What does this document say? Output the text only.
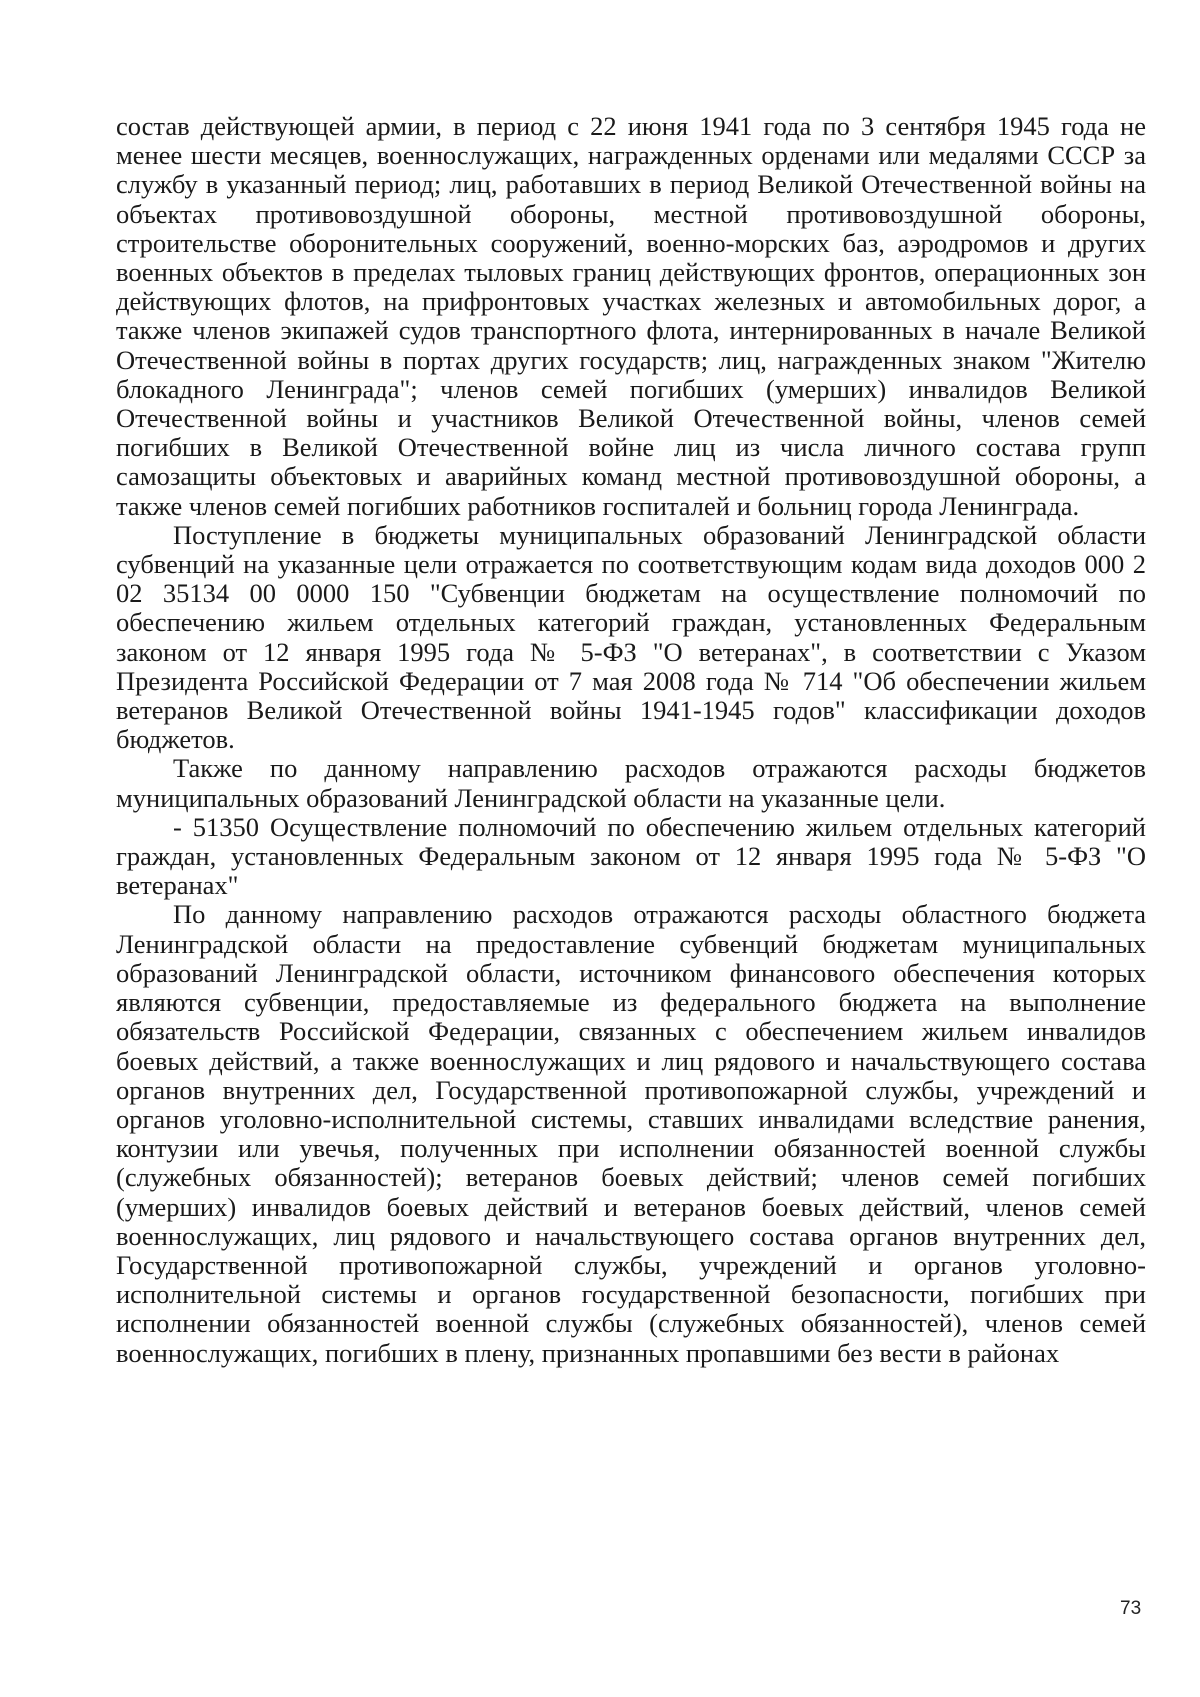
состав действующей армии, в период с 22 июня 1941 года по 3 сентября 1945 года не менее шести месяцев, военнослужащих, награжденных орденами или медалями СССР за службу в указанный период; лиц, работавших в период Великой Отечественной войны на объектах противовоздушной обороны, местной противовоздушной обороны, строительстве оборонительных сооружений, военно-морских баз, аэродромов и других военных объектов в пределах тыловых границ действующих фронтов, операционных зон действующих флотов, на прифронтовых участках железных и автомобильных дорог, а также членов экипажей судов транспортного флота, интернированных в начале Великой Отечественной войны в портах других государств; лиц, награжденных знаком "Жителю блокадного Ленинграда"; членов семей погибших (умерших) инвалидов Великой Отечественной войны и участников Великой Отечественной войны, членов семей погибших в Великой Отечественной войне лиц из числа личного состава групп самозащиты объектовых и аварийных команд местной противовоздушной обороны, а также членов семей погибших работников госпиталей и больниц города Ленинграда.

Поступление в бюджеты муниципальных образований Ленинградской области субвенций на указанные цели отражается по соответствующим кодам вида доходов 000 2 02 35134 00 0000 150 "Субвенции бюджетам на осуществление полномочий по обеспечению жильем отдельных категорий граждан, установленных Федеральным законом от 12 января 1995 года № 5-ФЗ "О ветеранах", в соответствии с Указом Президента Российской Федерации от 7 мая 2008 года № 714 "Об обеспечении жильем ветеранов Великой Отечественной войны 1941-1945 годов" классификации доходов бюджетов.

Также по данному направлению расходов отражаются расходы бюджетов муниципальных образований Ленинградской области на указанные цели.

- 51350 Осуществление полномочий по обеспечению жильем отдельных категорий граждан, установленных Федеральным законом от 12 января 1995 года № 5-ФЗ "О ветеранах"

По данному направлению расходов отражаются расходы областного бюджета Ленинградской области на предоставление субвенций бюджетам муниципальных образований Ленинградской области, источником финансового обеспечения которых являются субвенции, предоставляемые из федерального бюджета на выполнение обязательств Российской Федерации, связанных с обеспечением жильем инвалидов боевых действий, а также военнослужащих и лиц рядового и начальствующего состава органов внутренних дел, Государственной противопожарной службы, учреждений и органов уголовно-исполнительной системы, ставших инвалидами вследствие ранения, контузии или увечья, полученных при исполнении обязанностей военной службы (служебных обязанностей); ветеранов боевых действий; членов семей погибших (умерших) инвалидов боевых действий и ветеранов боевых действий, членов семей военнослужащих, лиц рядового и начальствующего состава органов внутренних дел, Государственной противопожарной службы, учреждений и органов уголовно-исполнительной системы и органов государственной безопасности, погибших при исполнении обязанностей военной службы (служебных обязанностей), членов семей военнослужащих, погибших в плену, признанных пропавшими без вести в районах

73
